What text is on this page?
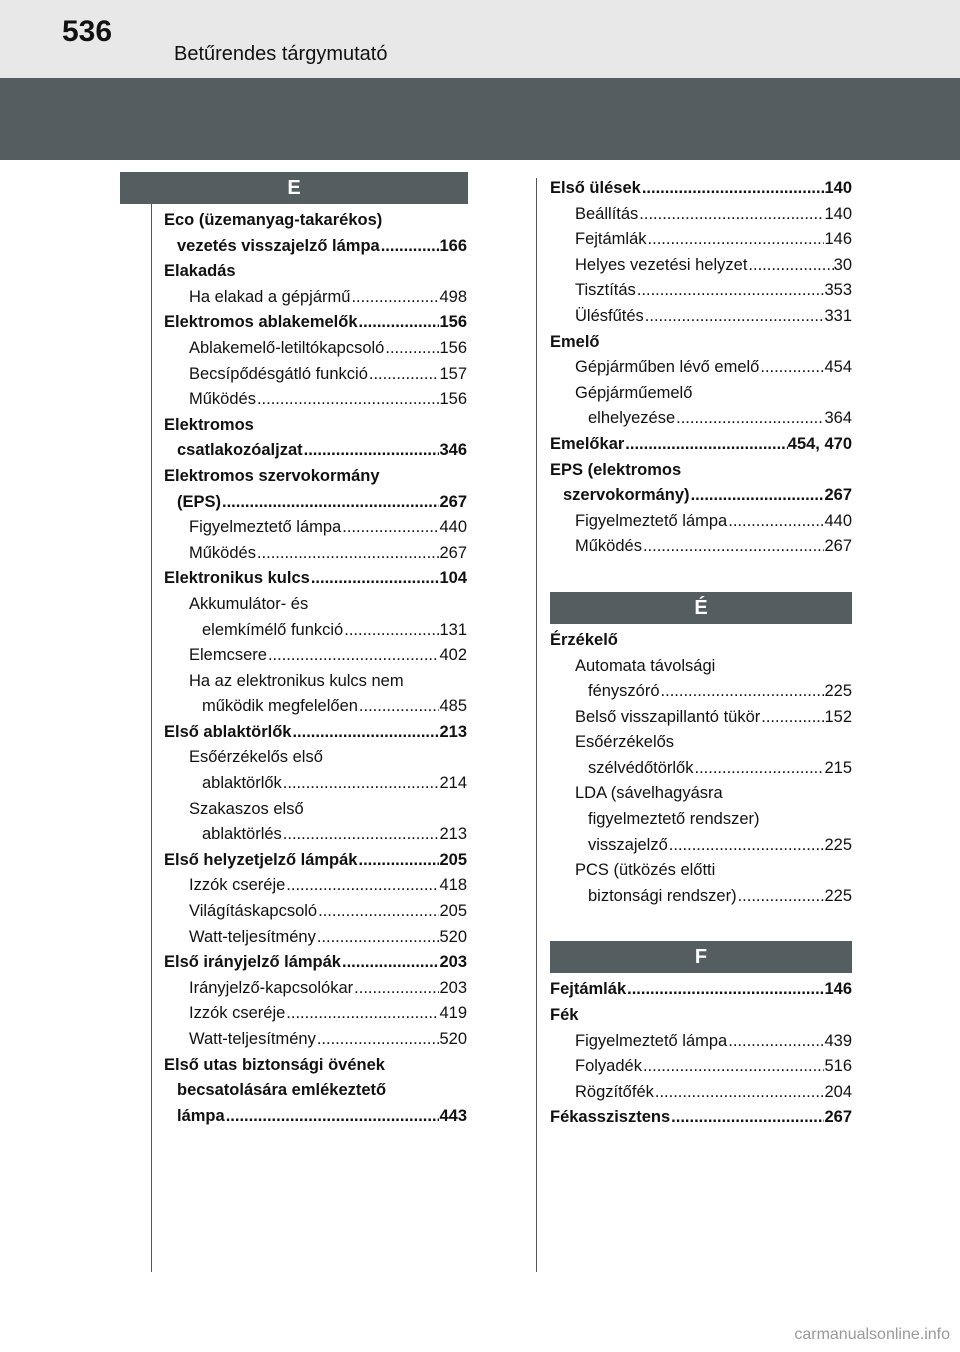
536
Betűrendes tárgymutató
E
Eco (üzemanyag-takarékos)
vezetés visszajelző lámpa .....	166
Elakadás
Ha elakad a gépjármű .....	498
Elektromos ablakemelők .....	156
Ablakemelő-letiltókapcsoló .....	156
Becsípődésgátló funkció .....	157
Működés .....	156
Elektromos
csatlakozóaljzat .....	346
Elektromos szervokormány
(EPS) .....	267
Figyelmeztető lámpa .....	440
Működés .....	267
Elektronikus kulcs .....	104
Akkumulátor- és
elemkímélő funkció .....	131
Elemcsere .....	402
Ha az elektronikus kulcs nem
működik megfelelően .....	485
Első ablaktörlők .....	213
Esőérzékelős első
ablaktörlők .....	214
Szakaszos első
ablaktörlés .....	213
Első helyzetjelző lámpák .....	205
Izzók cseréje .....	418
Világításkapcsoló .....	205
Watt-teljesítmény .....	520
Első irányjelző lámpák .....	203
Irányjelző-kapcsolókar .....	203
Izzók cseréje .....	419
Watt-teljesítmény .....	520
Első utas biztonsági övének
becsatolására emlékeztető
lámpa .....	443
Első ülések .....	140
Beállítás .....	140
Fejtámlák .....	146
Helyes vezetési helyzet .....	30
Tisztítás .....	353
Ülésfűtés .....	331
Emelő
Gépjárműben lévő emelő .....	454
Gépjárműemelő
elhelyezése .....	364
Emelőkar .....	454, 470
EPS (elektromos
szervokormány) .....	267
Figyelmeztető lámpa .....	440
Működés .....	267
É
Érzékelő
Automata távolsági
fényszóró .....	225
Belső visszapillantó tükör .....	152
Esőérzékelős
szélvédőtörlők .....	215
LDA (sávelhagyásra
figyelmeztető rendszer)
visszajelző .....	225
PCS (ütközés előtti
biztonsági rendszer) .....	225
F
Fejtámlák .....	146
Fék
Figyelmeztető lámpa .....	439
Folyadék .....	516
Rögzítőfék .....	204
Fékasszisztens .....	267
carmanualsonline.info
